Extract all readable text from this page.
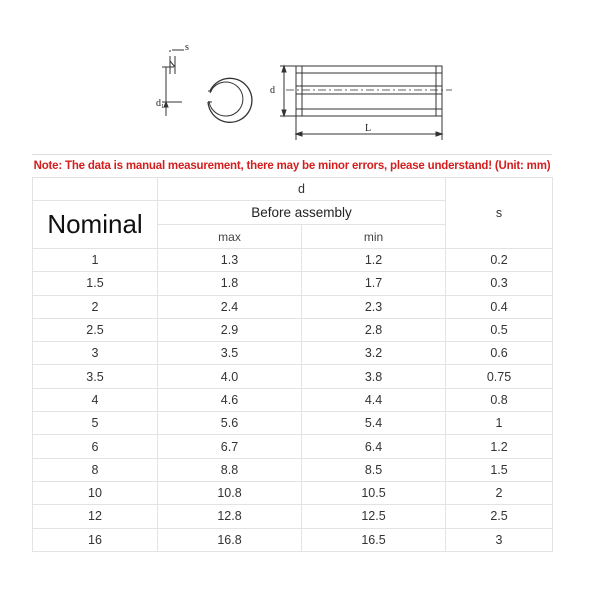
s
d₁
d
L
Note: The data is manual measurement, there may be minor errors, please understand! (Unit: mm)
	d		s
Nominal	Before assembly		
	max	min	
1	1.3	1.2	0.2
1.5	1.8	1.7	0.3
2	2.4	2.3	0.4
2.5	2.9	2.8	0.5
3	3.5	3.2	0.6
3.5	4.0	3.8	0.75
4	4.6	4.4	0.8
5	5.6	5.4	1
6	6.7	6.4	1.2
8	8.8	8.5	1.5
10	10.8	10.5	2
12	12.8	12.5	2.5
16	16.8	16.5	3
